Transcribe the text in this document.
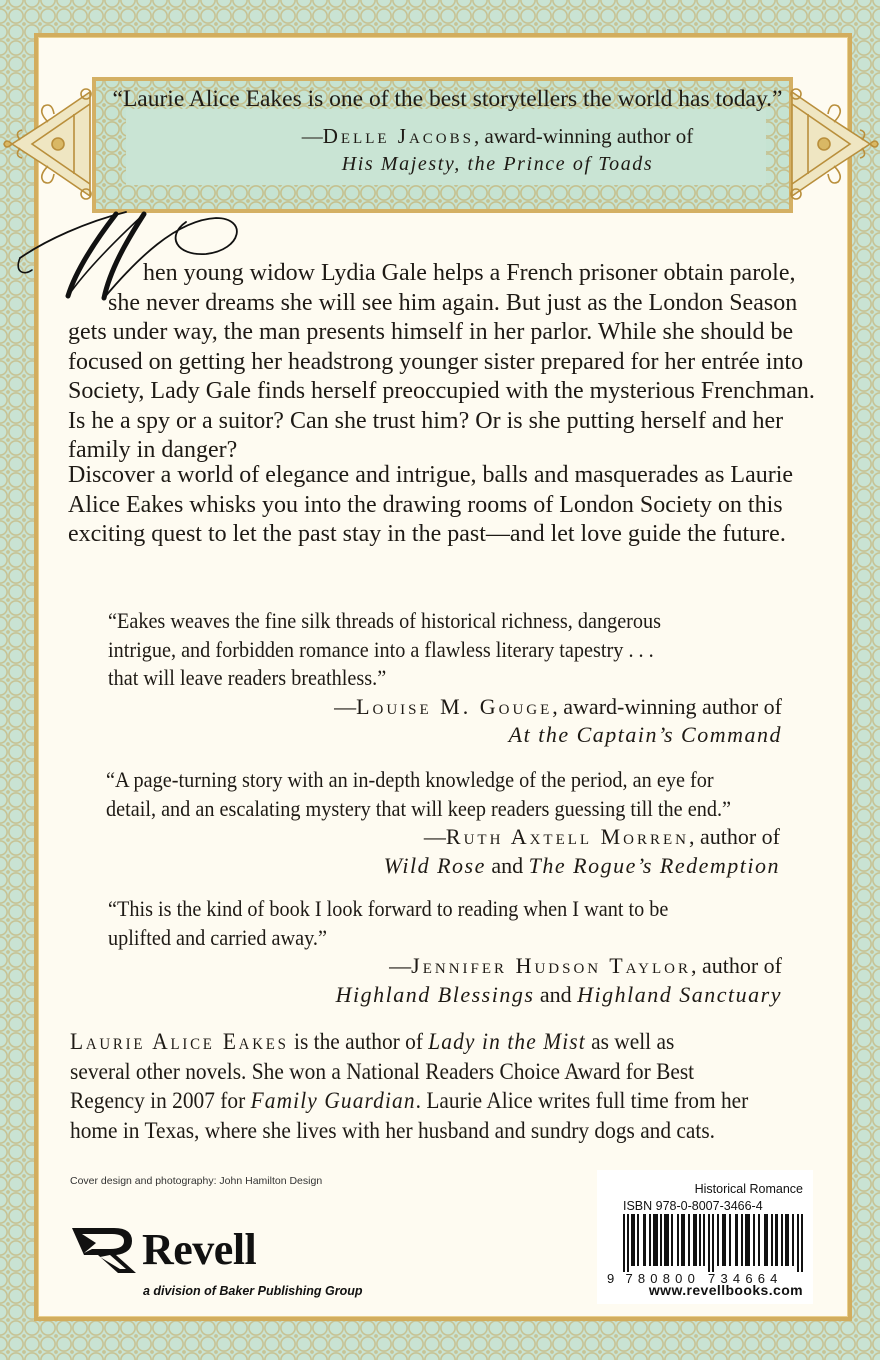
“Laurie Alice Eakes is one of the best storytellers the world has today.”
—Delle Jacobs, award-winning author of
His Majesty, the Prince of Toads
hen young widow Lydia Gale helps a French prisoner obtain parole,
she never dreams she will see him again. But just as the London Season
gets under way, the man presents himself in her parlor. While she should be
focused on getting her headstrong younger sister prepared for her entrée into
Society, Lady Gale finds herself preoccupied with the mysterious Frenchman.
Is he a spy or a suitor? Can she trust him? Or is she putting herself and her
family in danger?
Discover a world of elegance and intrigue, balls and masquerades as Laurie
Alice Eakes whisks you into the drawing rooms of London Society on this
exciting quest to let the past stay in the past—and let love guide the future.
“Eakes weaves the fine silk threads of historical richness, dangerous
intrigue, and forbidden romance into a flawless literary tapestry . . .
that will leave readers breathless.”
—Louise M. Gouge, award-winning author of
At the Captain’s Command
“A page-turning story with an in-depth knowledge of the period, an eye for
detail, and an escalating mystery that will keep readers guessing till the end.”
—Ruth Axtell Morren, author of
Wild Rose and The Rogue’s Redemption
“This is the kind of book I look forward to reading when I want to be
uplifted and carried away.”
—Jennifer Hudson Taylor, author of
Highland Blessings and Highland Sanctuary
Laurie Alice Eakes is the author of Lady in the Mist as well as
several other novels. She won a National Readers Choice Award for Best
Regency in 2007 for Family Guardian. Laurie Alice writes full time from her
home in Texas, where she lives with her husband and sundry dogs and cats.
Cover design and photography: John Hamilton Design
Revell
a division of Baker Publishing Group
Historical Romance
ISBN 978-0-8007-3466-4
9 780800 734664
www.revellbooks.com
